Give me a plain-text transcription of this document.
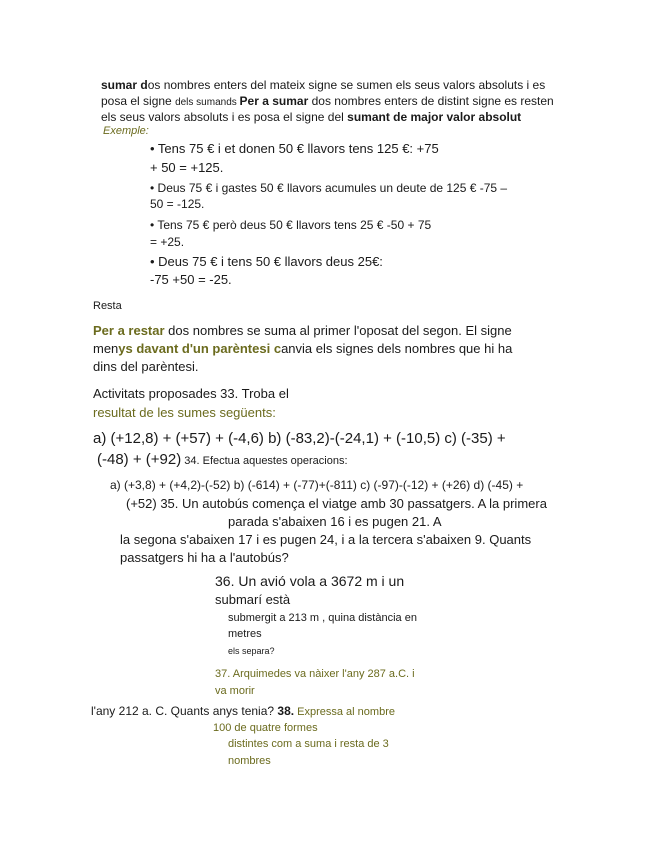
sumar dos nombres enters del mateix signe se sumen els seus valors absoluts i es
posa el signe dels sumands Per a sumar dos nombres enters de distint signe es resten
els seus valors absoluts i es posa el signe del sumant de major valor absolut
Exemple:
• Tens 75 € i et donen 50 € llavors tens 125 €: +75
+ 50 = +125.
• Deus 75 € i gastes 50 € llavors acumules un deute de 125 € -75 –
50 = -125.
• Tens 75 € però deus 50 € llavors tens 25 € -50 + 75
= +25.
• Deus 75 € i tens 50 € llavors deus 25€:
-75 +50 = -25.
Resta
Per a restar dos nombres se suma al primer l'oposat del segon. El signe
menys davant d'un parèntesi canvia els signes dels nombres que hi ha
dins del parèntesi.
Activitats proposades 33. Troba el
resultat de les sumes següents:
a) (+12,8) + (+57) + (-4,6) b) (-83,2)-(-24,1) + (-10,5) c) (-35) +
(-48) + (+92) 34. Efectua aquestes operacions:
a) (+3,8) + (+4,2)-(-52) b) (-614) + (-77)+(-811) c) (-97)-(-12) + (+26) d) (-45) +
(+52) 35. Un autobús comença el viatge amb 30 passatgers. A la primera
parada s'abaixen 16 i es pugen 21. A
la segona s'abaixen 17 i es pugen 24, i a la tercera s'abaixen 9. Quants
passatgers hi ha a l'autobús?
36. Un avió vola a 3672 m i un
submarí està
submergit a 213 m , quina distància en
metres
els separa?
37. Arquimedes va nàixer l'any 287 a.C. i
va morir
l'any 212 a. C. Quants anys tenia? 38. Expressa al nombre
100 de quatre formes
distintes com a suma i resta de 3
nombres
